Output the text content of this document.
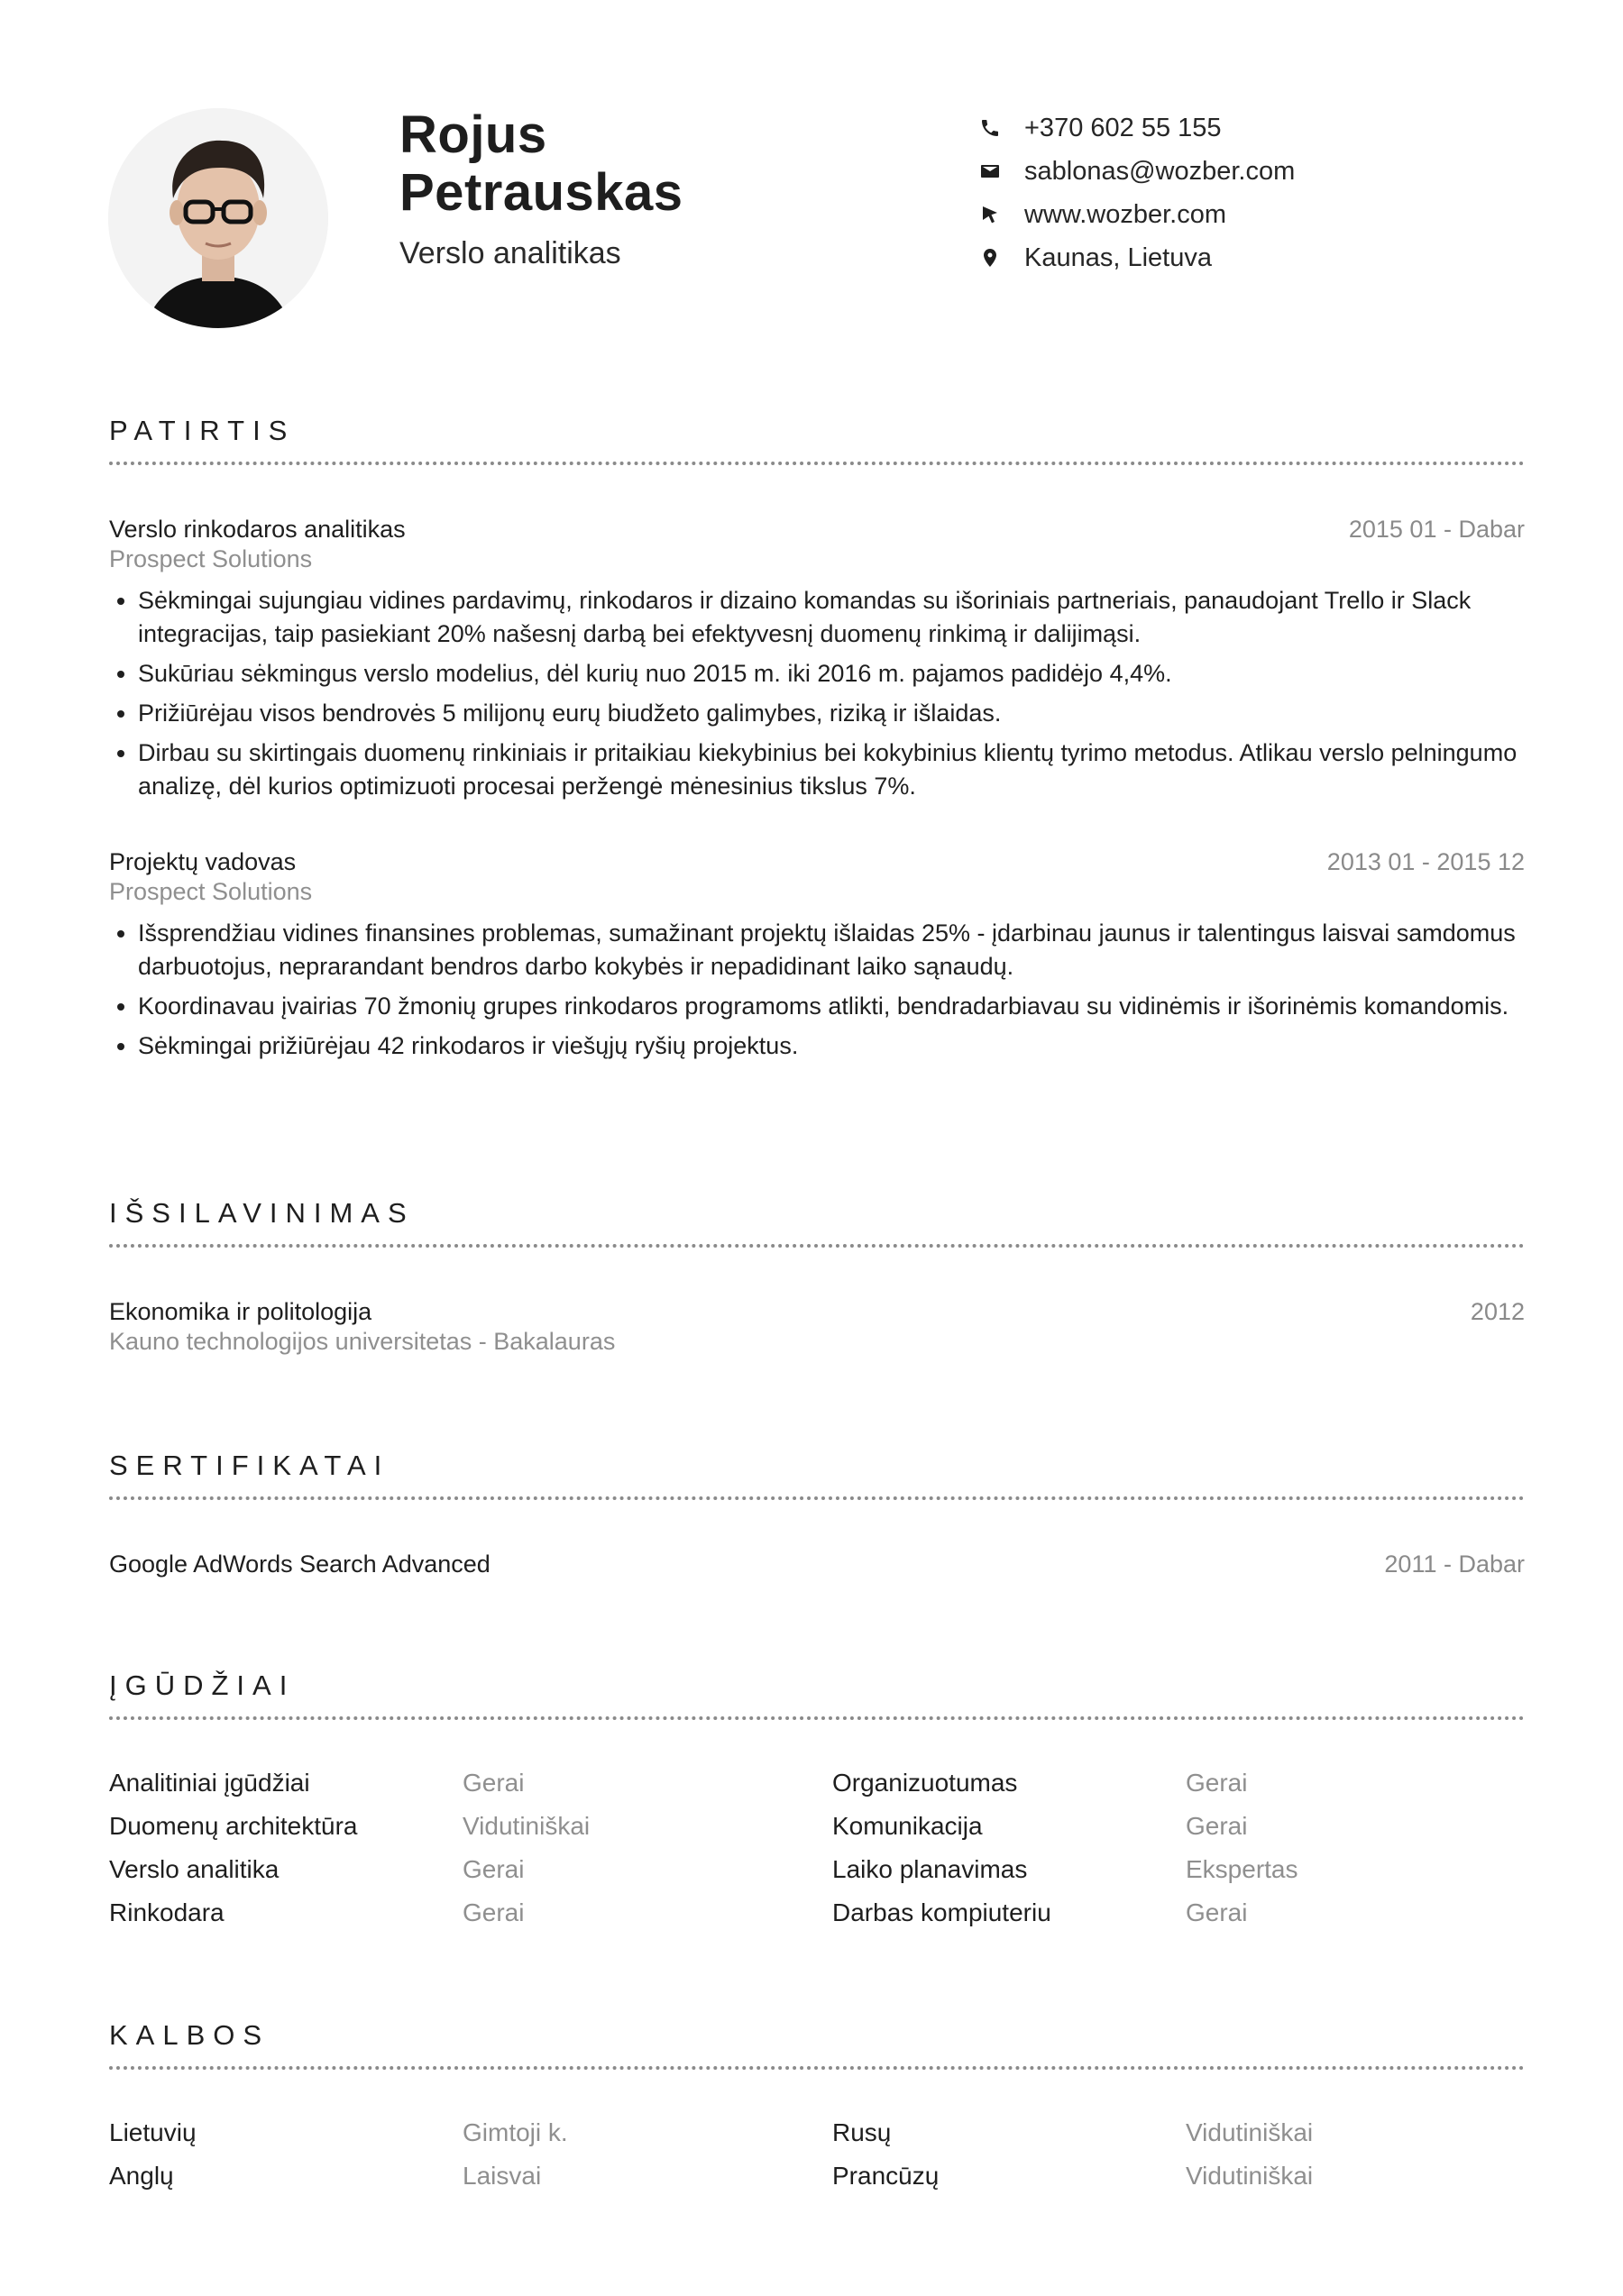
Rojus
Petrauskas
Verslo analitikas
+370 602 55 155
sablonas@wozber.com
www.wozber.com
Kaunas, Lietuva
PATIRTIS
Verslo rinkodaros analitikas	2015 01 - Dabar
Prospect Solutions
• Sėkmingai sujungiau vidines pardavimų, rinkodaros ir dizaino komandas su išoriniais partneriais, panaudojant Trello ir Slack integracijas, taip pasiekiant 20% našesnį darbą bei efektyvesnį duomenų rinkimą ir dalijimąsi.
• Sukūriau sėkmingus verslo modelius, dėl kurių nuo 2015 m. iki 2016 m. pajamos padidėjo 4,4%.
• Prižiūrėjau visos bendrovės 5 milijonų eurų biudžeto galimybes, riziką ir išlaidas.
• Dirbau su skirtingais duomenų rinkiniais ir pritaikiau kiekybinius bei kokybinius klientų tyrimo metodus. Atlikau verslo pelningumo analizę, dėl kurios optimizuoti procesai peržengė mėnesinius tikslus 7%.
Projektų vadovas	2013 01 - 2015 12
Prospect Solutions
• Išsprendžiau vidines finansines problemas, sumažinant projektų išlaidas 25% - įdarbinau jaunus ir talentingus laisvai samdomus darbuotojus, neprarandant bendros darbo kokybės ir nepadidinant laiko sąnaudų.
• Koordinavau įvairias 70 žmonių grupes rinkodaros programoms atlikti, bendradarbiavau su vidinėmis ir išorinėmis komandomis.
• Sėkmingai prižiūrėjau 42 rinkodaros ir viešųjų ryšių projektus.
IŠSILAVINIMAS
Ekonomika ir politologija	2012
Kauno technologijos universitetas - Bakalauras
SERTIFIKATAI
Google AdWords Search Advanced	2011 - Dabar
ĮGŪDŽIAI
Analitiniai įgūdžiai	Gerai	Organizuotumas	Gerai
Duomenų architektūra	Vidutiniškai	Komunikacija	Gerai
Verslo analitika	Gerai	Laiko planavimas	Ekspertas
Rinkodara	Gerai	Darbas kompiuteriu	Gerai
KALBOS
Lietuvių	Gimtoji k.	Rusų	Vidutiniškai
Anglų	Laisvai	Prancūzų	Vidutiniškai
